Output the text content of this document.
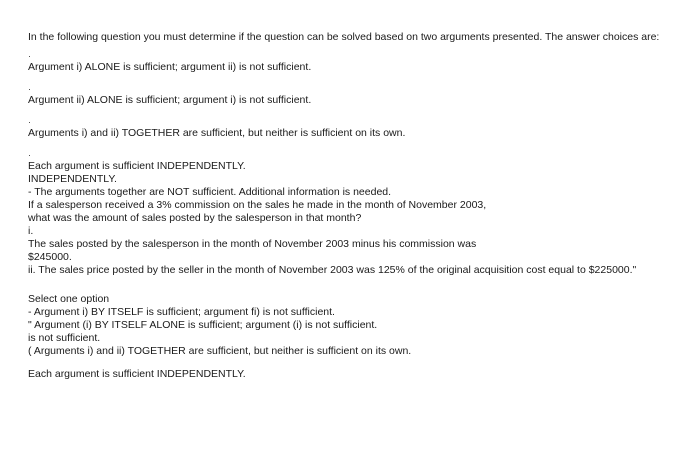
In the following question you must determine if the question can be solved based on two arguments presented. The answer choices are:
·
Argument i) ALONE is sufficient; argument ii) is not sufficient.
·
Argument ii) ALONE is sufficient; argument i) is not sufficient.
·
Arguments i) and ii) TOGETHER are sufficient, but neither is sufficient on its own.
·
Each argument is sufficient INDEPENDENTLY.
INDEPENDENTLY.
- The arguments together are NOT sufficient. Additional information is needed.
If a salesperson received a 3% commission on the sales he made in the month of November 2003,
what was the amount of sales posted by the salesperson in that month?
i.
The sales posted by the salesperson in the month of November 2003 minus his commission was
$245000.
ii. The sales price posted by the seller in the month of November 2003 was 125% of the original acquisition cost equal to $225000."
Select one option
- Argument i) BY ITSELF is sufficient; argument fi) is not sufficient.
" Argument (i) BY ITSELF ALONE is sufficient; argument (i) is not sufficient.
is not sufficient.
( Arguments i) and ii) TOGETHER are sufficient, but neither is sufficient on its own.
Each argument is sufficient INDEPENDENTLY.
